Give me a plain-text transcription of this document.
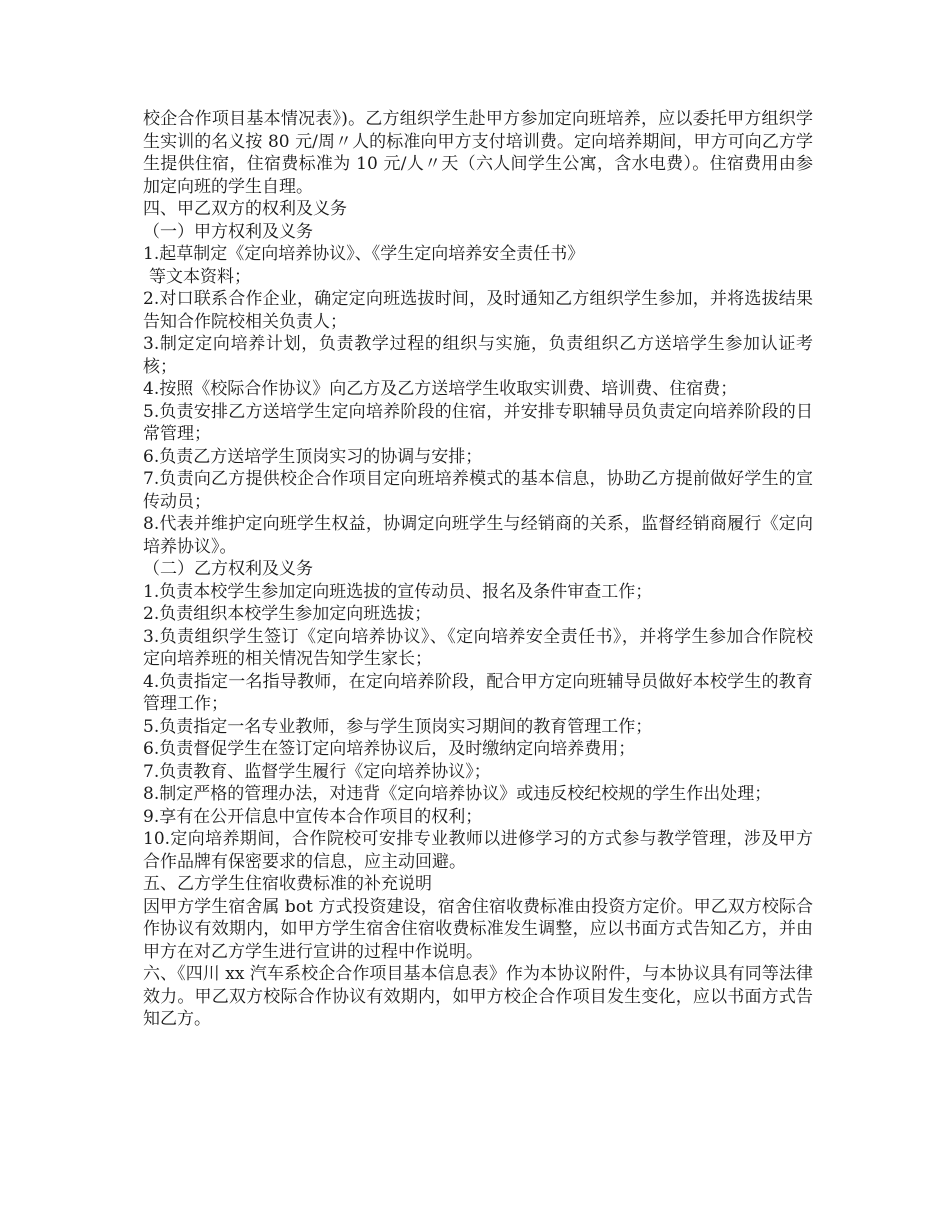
校企合作项目基本情况表》)。乙方组织学生赴甲方参加定向班培养，应以委托甲方组织学生实训的名义按 80 元/周〃人的标准向甲方支付培训费。定向培养期间，甲方可向乙方学生提供住宿，住宿费标准为 10 元/人〃天（六人间学生公寓，含水电费）。住宿费用由参加定向班的学生自理。

四、甲乙双方的权利及义务

（一）甲方权利及义务

1.起草制定《定向培养协议》、《学生定向培养安全责任书》

等文本资料；

2.对口联系合作企业，确定定向班选拔时间，及时通知乙方组织学生参加，并将选拔结果告知合作院校相关负责人；

3.制定定向培养计划，负责教学过程的组织与实施，负责组织乙方送培学生参加认证考核；

4.按照《校际合作协议》向乙方及乙方送培学生收取实训费、培训费、住宿费；

5.负责安排乙方送培学生定向培养阶段的住宿，并安排专职辅导员负责定向培养阶段的日常管理；

6.负责乙方送培学生顶岗实习的协调与安排；

7.负责向乙方提供校企合作项目定向班培养模式的基本信息，协助乙方提前做好学生的宣传动员；

8.代表并维护定向班学生权益，协调定向班学生与经销商的关系，监督经销商履行《定向培养协议》。

（二）乙方权利及义务

1.负责本校学生参加定向班选拔的宣传动员、报名及条件审查工作；

2.负责组织本校学生参加定向班选拔；

3.负责组织学生签订《定向培养协议》、《定向培养安全责任书》，并将学生参加合作院校定向培养班的相关情况告知学生家长；

4.负责指定一名指导教师，在定向培养阶段，配合甲方定向班辅导员做好本校学生的教育管理工作；

5.负责指定一名专业教师，参与学生顶岗实习期间的教育管理工作；

6.负责督促学生在签订定向培养协议后，及时缴纳定向培养费用；

7.负责教育、监督学生履行《定向培养协议》；

8.制定严格的管理办法，对违背《定向培养协议》或违反校纪校规的学生作出处理；

9.享有在公开信息中宣传本合作项目的权利；

10.定向培养期间，合作院校可安排专业教师以进修学习的方式参与教学管理，涉及甲方合作品牌有保密要求的信息，应主动回避。

五、乙方学生住宿收费标准的补充说明

因甲方学生宿舍属 bot 方式投资建设，宿舍住宿收费标准由投资方定价。甲乙双方校际合作协议有效期内，如甲方学生宿舍住宿收费标准发生调整，应以书面方式告知乙方，并由甲方在对乙方学生进行宣讲的过程中作说明。

六、《四川 xx 汽车系校企合作项目基本信息表》作为本协议附件，与本协议具有同等法律效力。甲乙双方校际合作协议有效期内，如甲方校企合作项目发生变化，应以书面方式告知乙方。
